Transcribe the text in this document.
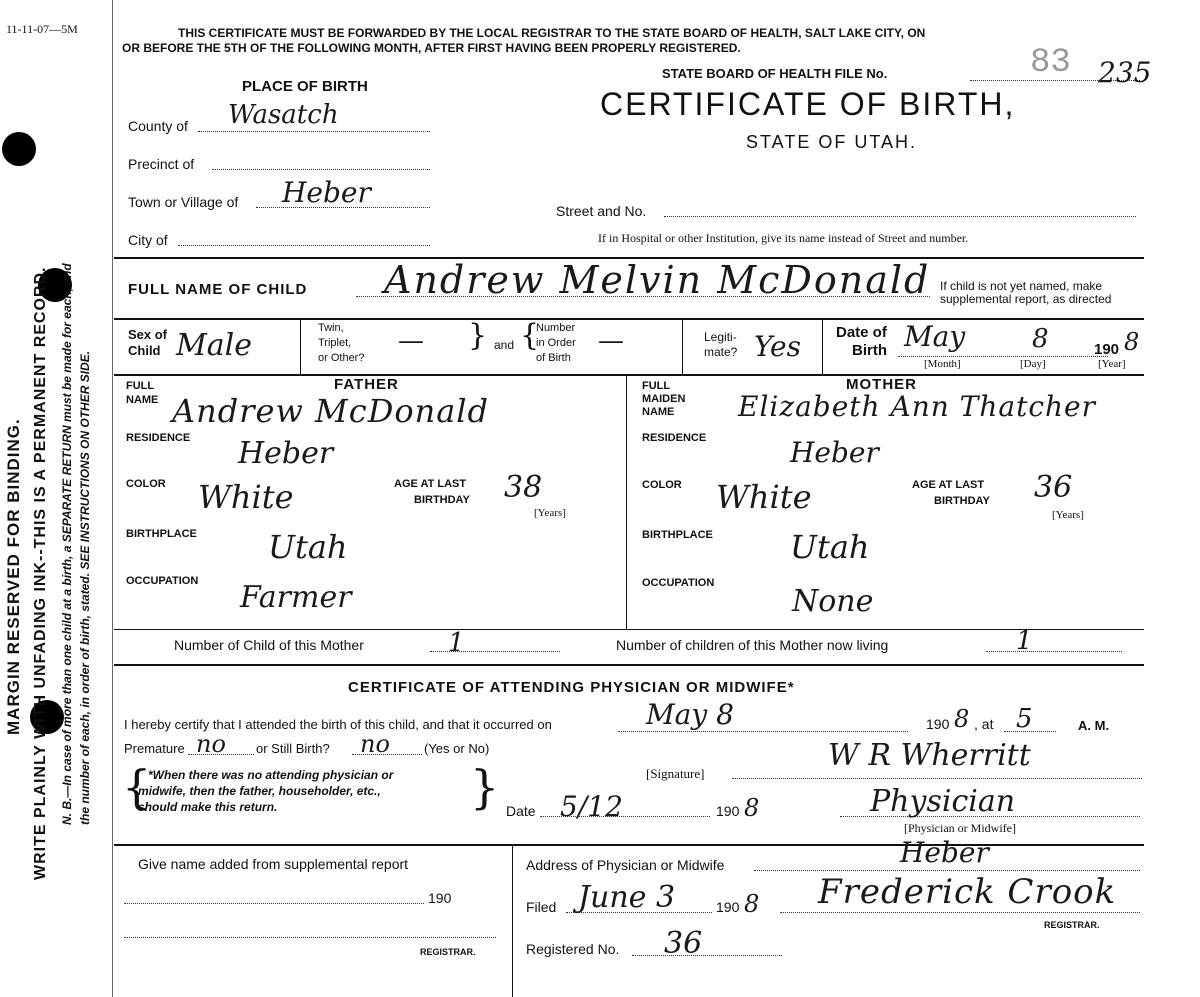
11-11-07—5M
MARGIN RESERVED FOR BINDING. WRITE PLAINLY WITH UNFADING INK--THIS IS A PERMANENT RECORD. N. B.—In case of more than one child at a birth, a SEPARATE RETURN must be made for each, and the number of each, in order of birth, stated. SEE INSTRUCTIONS ON OTHER SIDE.
THIS CERTIFICATE MUST BE FORWARDED BY THE LOCAL REGISTRAR TO THE STATE BOARD OF HEALTH, SALT LAKE CITY, ON
OR BEFORE THE 5TH OF THE FOLLOWING MONTH, AFTER FIRST HAVING BEEN PROPERLY REGISTERED.
PLACE OF BIRTH
STATE BOARD OF HEALTH FILE No.	83 235
CERTIFICATE OF BIRTH,
STATE OF UTAH.
County of Wasatch
Precinct of
Town or Village of Heber
City of
Street and No.
If in Hospital or other Institution, give its name instead of Street and number.
FULL NAME OF CHILD Andrew Melvin McDonald If child is not yet named, make
supplemental report, as directed
Sex of
Child Male	Twin,
Triplet,
or Other?
— } and {
Number
in Order
of Birth
—	Legiti-
mate? Yes Date of
Birth May	8	190 8
[Month]	[Day]	[Year]
FATHER
FULL
NAME Andrew McDonald
RESIDENCE Heber
COLOR White	AGE AT LAST
BIRTHDAY 38
[Years]
BIRTHPLACE Utah
OCCUPATION Farmer
MOTHER
FULL
MAIDEN
NAME Elizabeth Ann Thatcher
RESIDENCE	Heber
COLOR White	AGE AT LAST
BIRTHDAY 36
[Years]
BIRTHPLACE Utah
OCCUPATION
None
Number of Child of this Mother	1	Number of children of this Mother now living	1
CERTIFICATE OF ATTENDING PHYSICIAN OR MIDWIFE*
I hereby certify that I attended the birth of this child, and that it occurred on	May 8	190 8 , at 5	A. M.
Premature no or Still Birth? no	(Yes or No)
{
*When there was no attending physician or
midwife, then the father, householder, etc.,
should make this return.	}	[Signature]
W R Wherritt
Date 5/12	190 8	Physician
[Physician or Midwife]
Give name added from supplemental report
190
REGISTRAR.
Address of Physician or Midwife	Heber
Filed June 3	190 8 Frederick Crook
REGISTRAR.
Registered No. 36
